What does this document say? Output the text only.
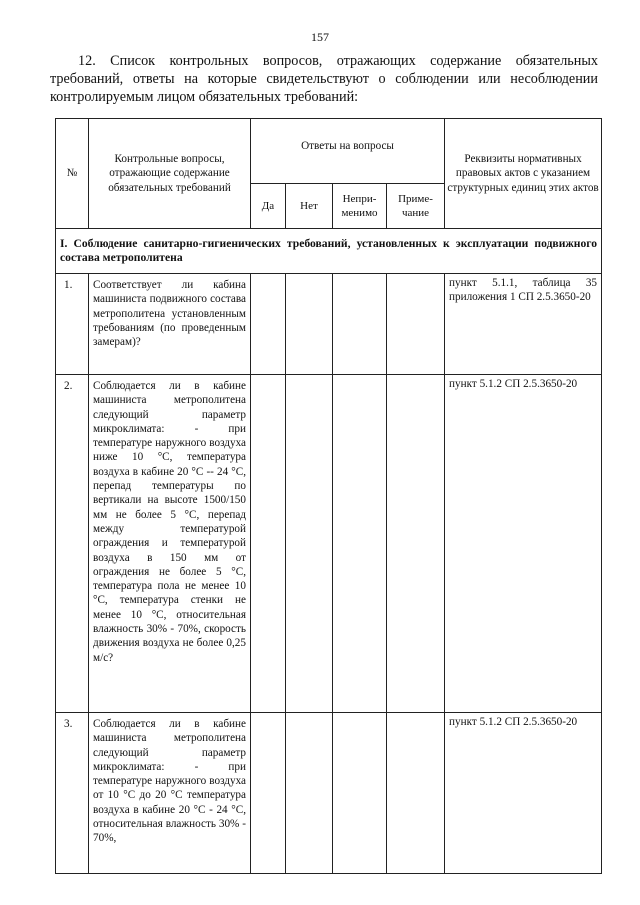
157
12. Список контрольных вопросов, отражающих содержание обязательных требований, ответы на которые свидетельствуют о соблюдении или несоблюдении контролируемым лицом обязательных требований:
№	Контрольные вопросы, отражающие содержание обязательных требований	Ответы на вопросы				Реквизиты нормативных правовых актов с указанием структурных единиц этих актов
		Да	Нет	Непри-менимо	Приме-чание	
I. Соблюдение санитарно-гигиенических требований, установленных к эксплуатации подвижного состава метрополитена						
1.	Соответствует ли кабина машиниста подвижного состава метрополитена установленным требованиям (по проведенным замерам)?					пункт 5.1.1, таблица 35 приложения 1 СП 2.5.3650-20
2.	Соблюдается ли в кабине машиниста метрополитена следующий параметр микроклимата: - при температуре наружного воздуха ниже 10 °С, температура воздуха в кабине 20 °С -- 24 °С, перепад температуры по вертикали на высоте 1500/150 мм не более 5 °С, перепад между температурой ограждения и температурой воздуха в 150 мм от ограждения не более 5 °С, температура пола не менее 10 °С, температура стенки не менее 10 °С, относительная влажность 30% - 70%, скорость движения воздуха не более 0,25 м/с?					пункт 5.1.2 СП 2.5.3650-20
3.	Соблюдается ли в кабине машиниста метрополитена следующий параметр микроклимата: - при температуре наружного воздуха от 10 °С до 20 °С температура воздуха в кабине 20 °С - 24 °С, относительная влажность 30% - 70%,					пункт 5.1.2 СП 2.5.3650-20
